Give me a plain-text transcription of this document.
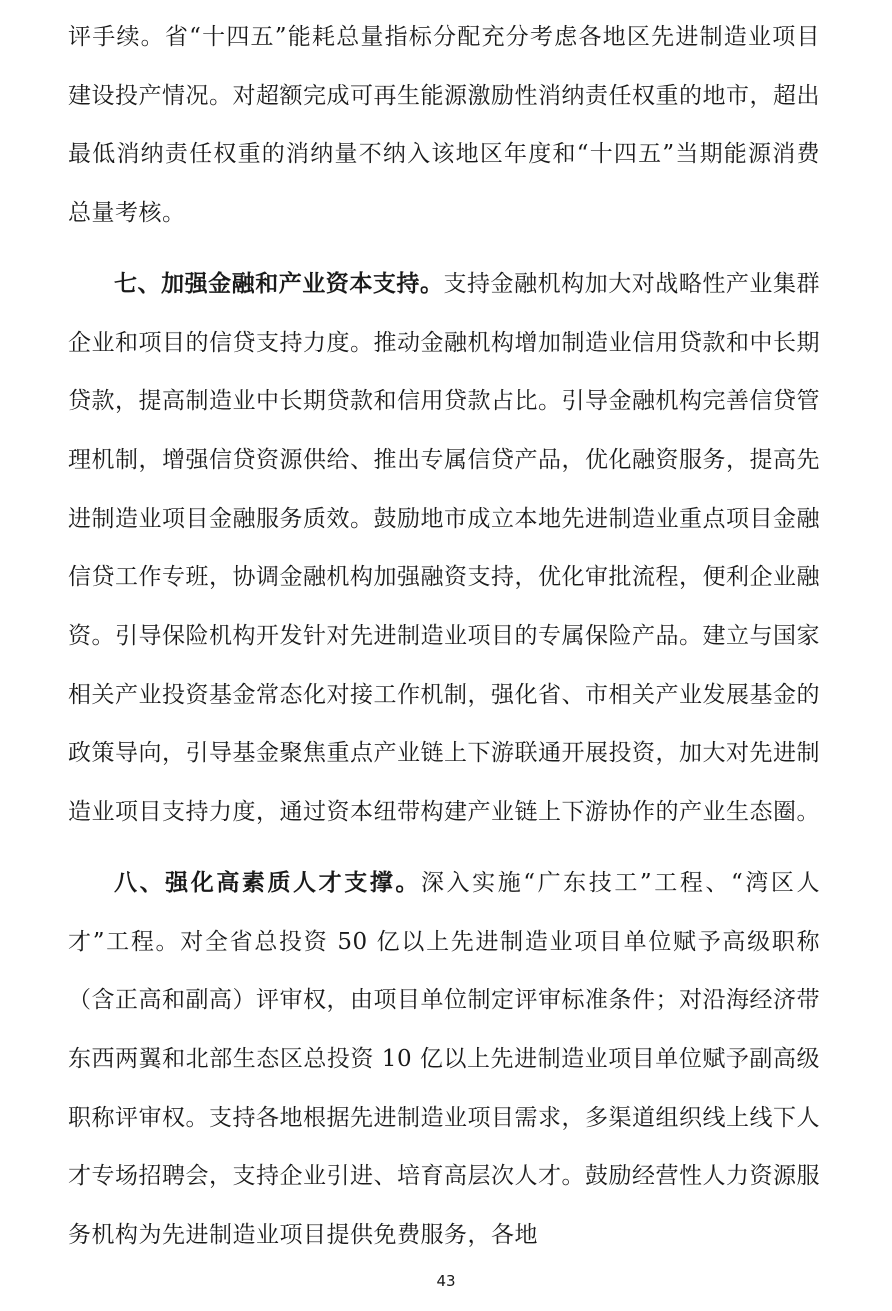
评手续。省“十四五”能耗总量指标分配充分考虑各地区先进制造业项目建设投产情况。对超额完成可再生能源激励性消纳责任权重的地市，超出最低消纳责任权重的消纳量不纳入该地区年度和“十四五”当期能源消费总量考核。

七、加强金融和产业资本支持。支持金融机构加大对战略性产业集群企业和项目的信贷支持力度。推动金融机构增加制造业信用贷款和中长期贷款，提高制造业中长期贷款和信用贷款占比。引导金融机构完善信贷管理机制，增强信贷资源供给、推出专属信贷产品，优化融资服务，提高先进制造业项目金融服务质效。鼓励地市成立本地先进制造业重点项目金融信贷工作专班，协调金融机构加强融资支持，优化审批流程，便利企业融资。引导保险机构开发针对先进制造业项目的专属保险产品。建立与国家相关产业投资基金常态化对接工作机制，强化省、市相关产业发展基金的政策导向，引导基金聚焦重点产业链上下游联通开展投资，加大对先进制造业项目支持力度，通过资本纽带构建产业链上下游协作的产业生态圈。

八、强化高素质人才支撑。深入实施“广东技工”工程、“湾区人才”工程。对全省总投资 50 亿以上先进制造业项目单位赋予高级职称（含正高和副高）评审权，由项目单位制定评审标准条件；对沿海经济带东西两翼和北部生态区总投资 10 亿以上先进制造业项目单位赋予副高级职称评审权。支持各地根据先进制造业项目需求，多渠道组织线上线下人才专场招聘会，支持企业引进、培育高层次人才。鼓励经营性人力资源服务机构为先进制造业项目提供免费服务，各地

43
